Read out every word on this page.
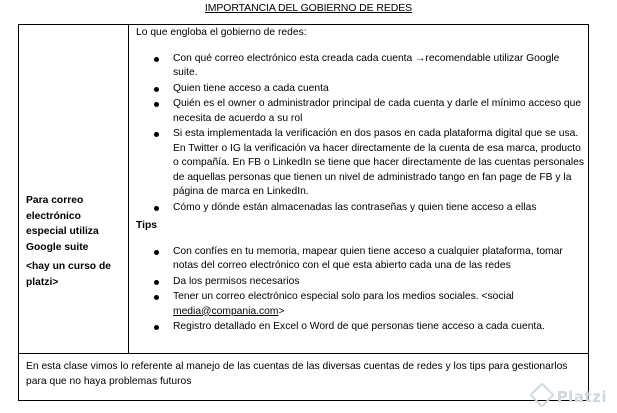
IMPORTANCIA DEL GOBIERNO DE REDES
Para correo electrónico especial utiliza Google suite
<hay un curso de platzi>
Lo que engloba el gobierno de redes:
Con qué correo electrónico esta creada cada cuenta →recomendable utilizar Google suite.
Quien tiene acceso a cada cuenta
Quién es el owner o administrador principal de cada cuenta y darle el mínimo acceso que necesita de acuerdo a su rol
Si esta implementada la verificación en dos pasos en cada plataforma digital que se usa. En Twitter o IG la verificación va hacer directamente de la cuenta de esa marca, producto o compañía. En FB o LinkedIn se tiene que hacer directamente de las cuentas personales de aquellas personas que tienen un nivel de administrado tango en fan page de FB y la página de marca en LinkedIn.
Cómo y dónde están almacenadas las contraseñas y quien tiene acceso a ellas
Tips
Con confíes en tu memoria, mapear quien tiene acceso a cualquier plataforma, tomar notas del correo electrónico con el que esta abierto cada una de las redes
Da los permisos necesarios
Tener un correo electrónico especial solo para los medios sociales. <social media@compania.com>
Registro detallado en Excel o Word de que personas tiene acceso a cada cuenta.
En esta clase vimos lo referente al manejo de las cuentas de las diversas cuentas de redes y los tips para gestionarlos para que no haya problemas futuros
Platzi
